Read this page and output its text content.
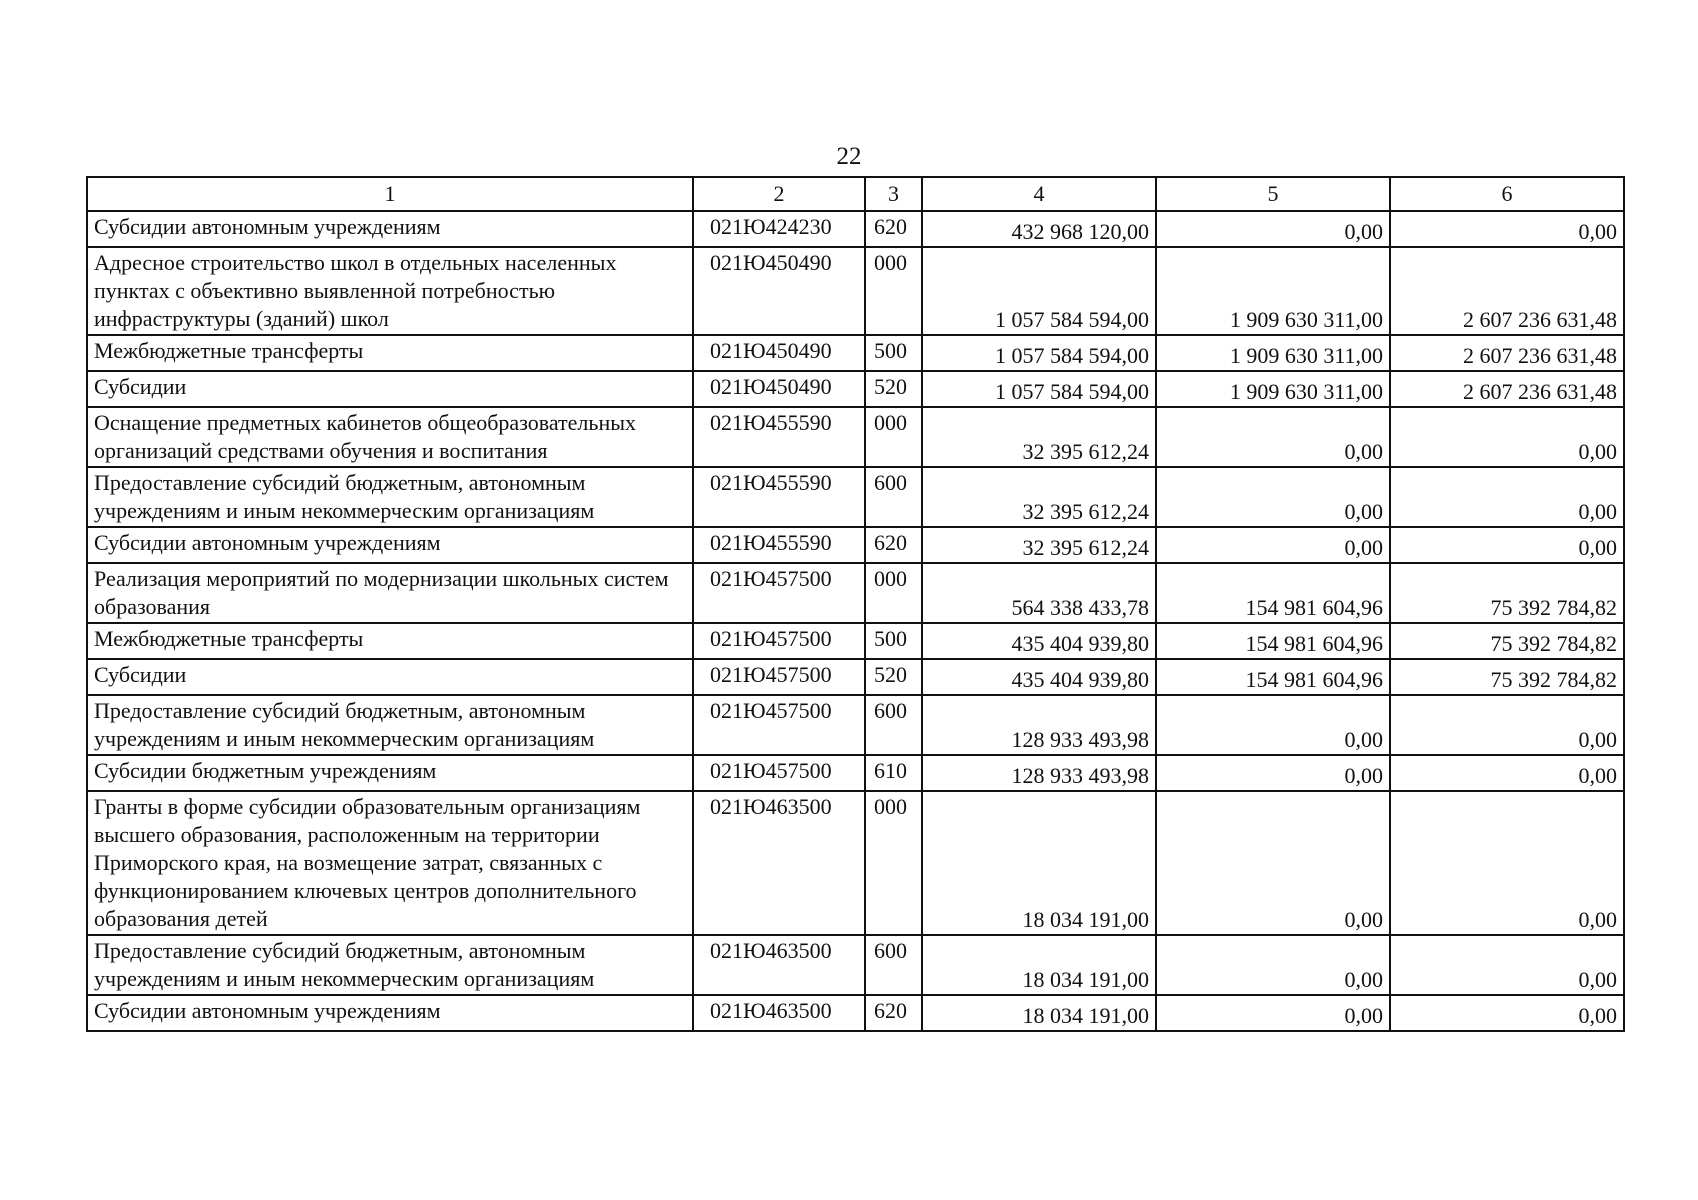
22
1	2	3	4	5	6
Субсидии автономным учреждениям	021Ю424230	620	432 968 120,00	0,00	0,00
Адресное строительство школ в отдельных населенных пунктах с объективно выявленной потребностью инфраструктуры (зданий) школ	021Ю450490	000	1 057 584 594,00	1 909 630 311,00	2 607 236 631,48
Межбюджетные трансферты	021Ю450490	500	1 057 584 594,00	1 909 630 311,00	2 607 236 631,48
Субсидии	021Ю450490	520	1 057 584 594,00	1 909 630 311,00	2 607 236 631,48
Оснащение предметных кабинетов общеобразовательных организаций средствами обучения и воспитания	021Ю455590	000	32 395 612,24	0,00	0,00
Предоставление субсидий бюджетным, автономным учреждениям и иным некоммерческим организациям	021Ю455590	600	32 395 612,24	0,00	0,00
Субсидии автономным учреждениям	021Ю455590	620	32 395 612,24	0,00	0,00
Реализация мероприятий по модернизации школьных систем образования	021Ю457500	000	564 338 433,78	154 981 604,96	75 392 784,82
Межбюджетные трансферты	021Ю457500	500	435 404 939,80	154 981 604,96	75 392 784,82
Субсидии	021Ю457500	520	435 404 939,80	154 981 604,96	75 392 784,82
Предоставление субсидий бюджетным, автономным учреждениям и иным некоммерческим организациям	021Ю457500	600	128 933 493,98	0,00	0,00
Субсидии бюджетным учреждениям	021Ю457500	610	128 933 493,98	0,00	0,00
Гранты в форме субсидии образовательным организациям высшего образования, расположенным на территории Приморского края, на возмещение затрат, связанных с функционированием ключевых центров дополнительного образования детей	021Ю463500	000	18 034 191,00	0,00	0,00
Предоставление субсидий бюджетным, автономным учреждениям и иным некоммерческим организациям	021Ю463500	600	18 034 191,00	0,00	0,00
Субсидии автономным учреждениям	021Ю463500	620	18 034 191,00	0,00	0,00
